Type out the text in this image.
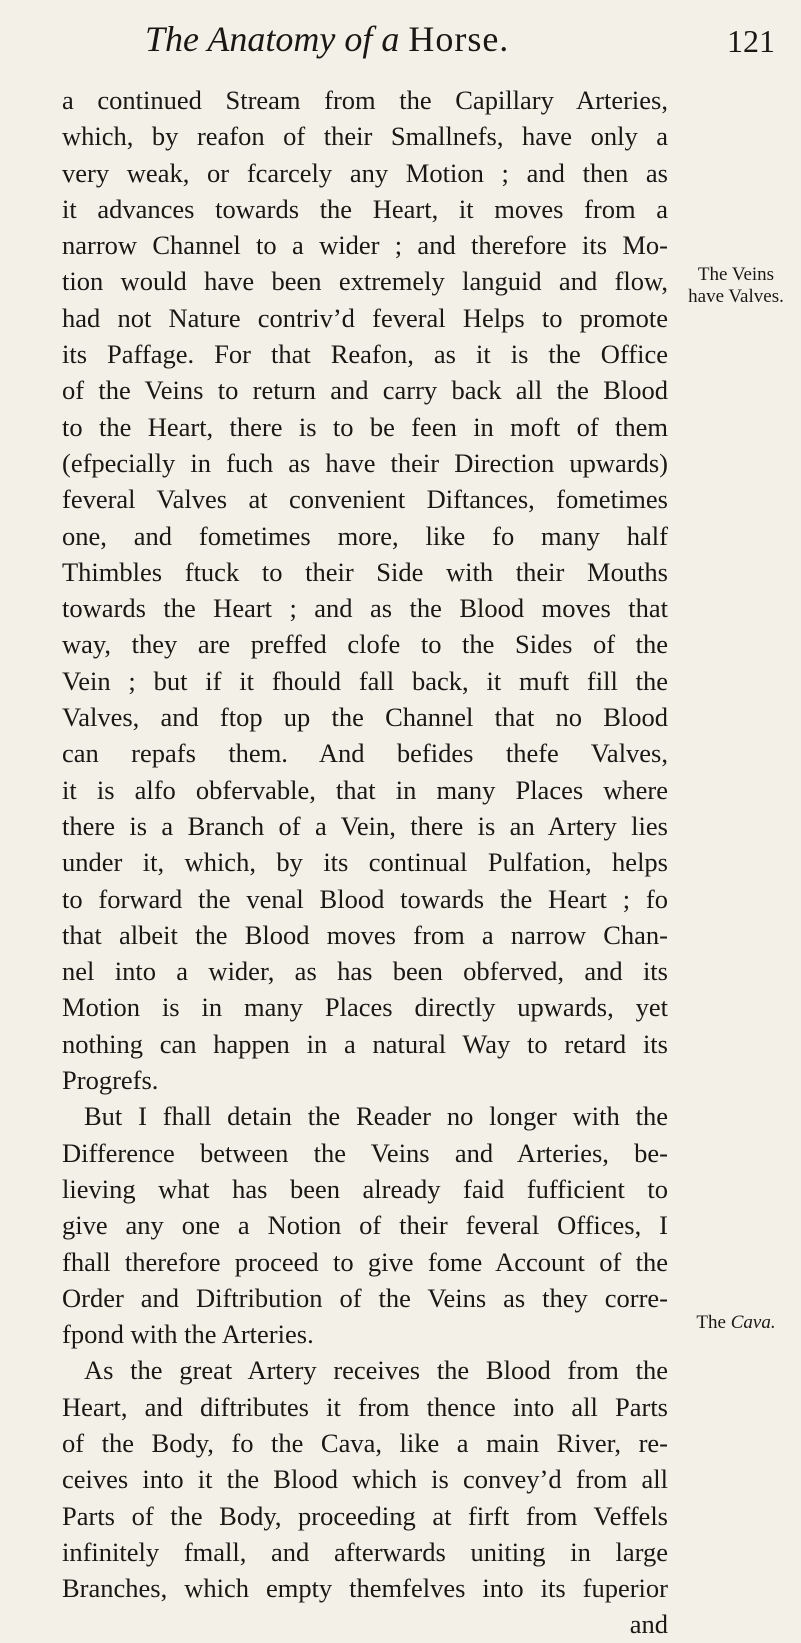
The Anatomy of a Horse.	121
a continued Stream from the Capillary Arteries,
which, by reafon of their Smallnefs, have only a
very weak, or fcarcely any Motion ; and then as
it advances towards the Heart, it moves from a
narrow Channel to a wider ; and therefore its Mo-
tion would have been extremely languid and flow,
had not Nature contriv’d feveral Helps to promote
its Paffage. For that Reafon, as it is the Office
of the Veins to return and carry back all the Blood
to the Heart, there is to be feen in moft of them
(efpecially in fuch as have their Direction upwards)
feveral Valves at convenient Diftances, fometimes
one, and fometimes more, like fo many half
Thimbles ftuck to their Side with their Mouths
towards the Heart ; and as the Blood moves that
way, they are preffed clofe to the Sides of the
Vein ; but if it fhould fall back, it muft fill the
Valves, and ftop up the Channel that no Blood
can repafs them. And befides thefe Valves,
it is alfo obfervable, that in many Places where
there is a Branch of a Vein, there is an Artery lies
under it, which, by its continual Pulfation, helps
to forward the venal Blood towards the Heart ; fo
that albeit the Blood moves from a narrow Chan-
nel into a wider, as has been obferved, and its
Motion is in many Places directly upwards, yet
nothing can happen in a natural Way to retard its
Progrefs.
But I fhall detain the Reader no longer with the
Difference between the Veins and Arteries, be-
lieving what has been already faid fufficient to
give any one a Notion of their feveral Offices, I
fhall therefore proceed to give fome Account of the
Order and Diftribution of the Veins as they corre-
fpond with the Arteries.
As the great Artery receives the Blood from the
Heart, and diftributes it from thence into all Parts
of the Body, fo the Cava, like a main River, re-
ceives into it the Blood which is convey’d from all
Parts of the Body, proceeding at firft from Veffels
infinitely fmall, and afterwards uniting in large
Branches, which empty themfelves into its fuperior
and
The Veins
have Valves.
The Cava.
